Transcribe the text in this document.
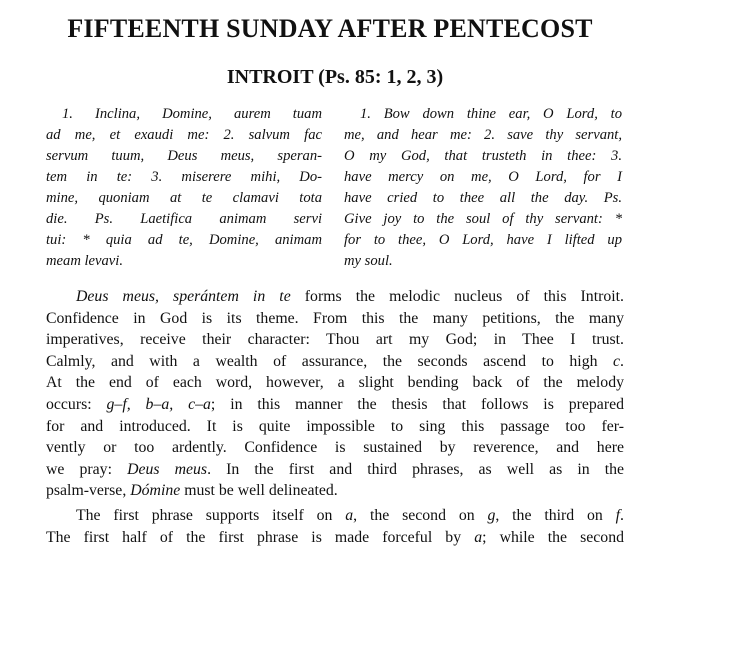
FIFTEENTH SUNDAY AFTER PENTECOST
INTROIT (Ps. 85: 1, 2, 3)
1. Inclina, Domine, aurem tuam
ad me, et exaudi me: 2. salvum fac
servum tuum, Deus meus, speran-
tem in te: 3. miserere mihi, Do-
mine, quoniam at te clamavi tota
die. Ps. Laetifica animam servi
tui: * quia ad te, Domine, animam
meam levavi.
1. Bow down thine ear, O Lord, to
me, and hear me: 2. save thy servant,
O my God, that trusteth in thee: 3.
have mercy on me, O Lord, for I
have cried to thee all the day. Ps.
Give joy to the soul of thy servant: *
for to thee, O Lord, have I lifted up
my soul.
Deus meus, sperántem in te forms the melodic nucleus of this Introit.
Confidence in God is its theme. From this the many petitions, the many
imperatives, receive their character: Thou art my God; in Thee I trust.
Calmly, and with a wealth of assurance, the seconds ascend to high c.
At the end of each word, however, a slight bending back of the melody
occurs: g–f, b–a, c–a; in this manner the thesis that follows is prepared
for and introduced. It is quite impossible to sing this passage too fer-
vently or too ardently. Confidence is sustained by reverence, and here
we pray: Deus meus. In the first and third phrases, as well as in the
psalm-verse, Dómine must be well delineated.
The first phrase supports itself on a, the second on g, the third on f.
The first half of the first phrase is made forceful by a; while the second
